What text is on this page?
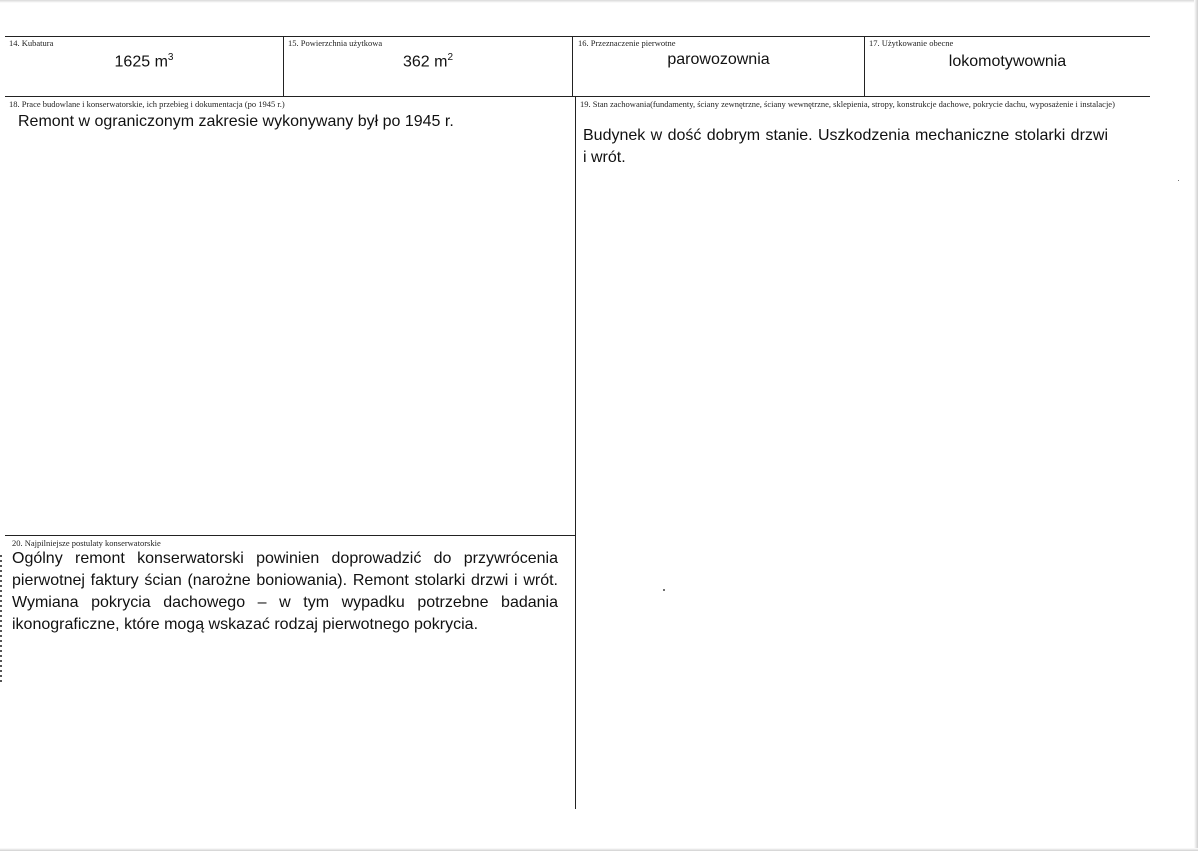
14. Kubatura
1625 $m^3$
15. Powierzchnia użytkowa
362 $m^2$
16. Przeznaczenie pierwotne
parowozownia
17. Użytkowanie obecne
lokomotywownia
18. Prace budowlane i konserwatorskie, ich przebieg i dokumentacja (po 1945 r.)
Remont w ograniczonym zakresie wykonywany był po 1945 r.
19. Stan zachowania(fundamenty, ściany zewnętrzne, ściany wewnętrzne, sklepienia, stropy, konstrukcje dachowe, pokrycie dachu, wyposażenie i instalacje)
Budynek w dość dobrym stanie. Uszkodzenia mechaniczne stolarki drzwi i wrót.
20. Najpilniejsze postulaty konserwatorskie
Ogólny remont konserwatorski powinien doprowadzić do przywrócenia pierwotnej faktury ścian (narożne boniowania). Remont stolarki drzwi i wrót. Wymiana pokrycia dachowego – w tym wypadku potrzebne badania ikonograficzne, które mogą wskazać rodzaj pierwotnego pokrycia.
